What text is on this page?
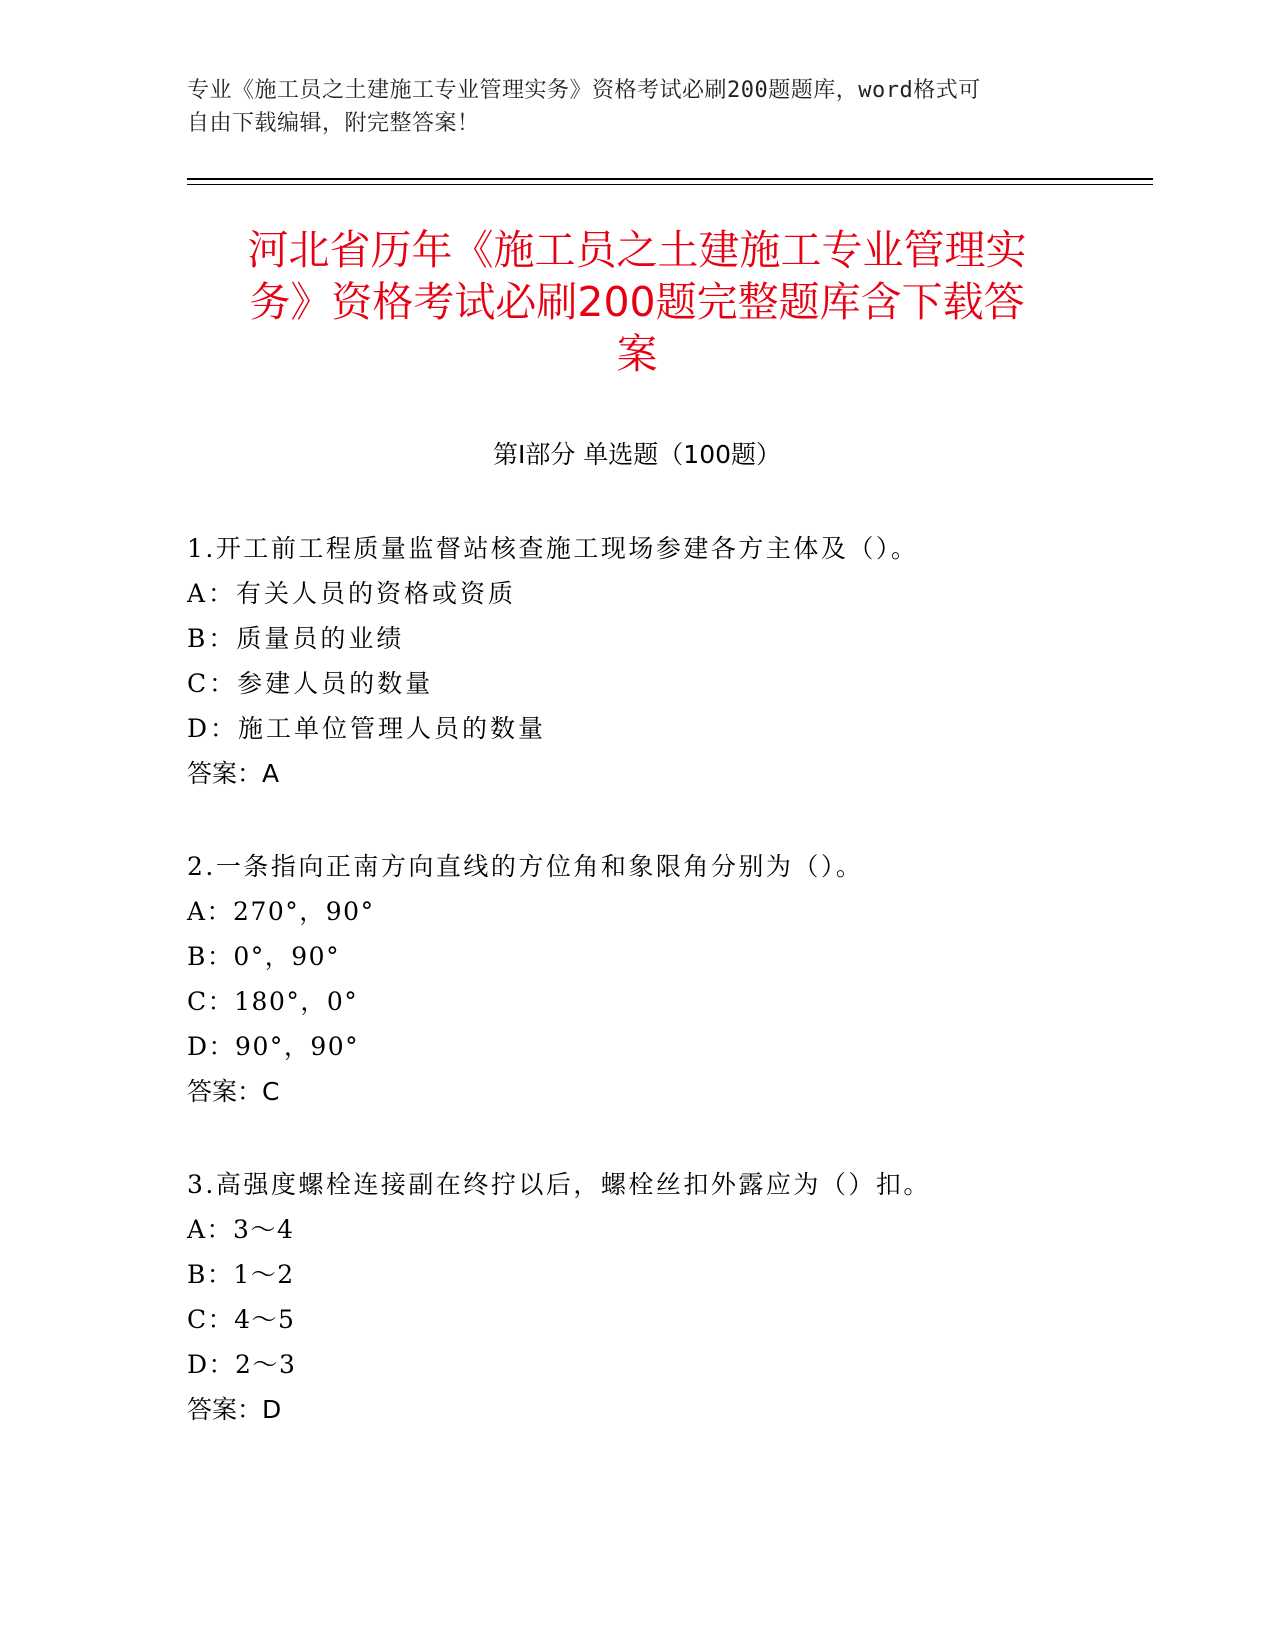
专业《施工员之土建施工专业管理实务》资格考试必刷200题题库，word格式可
自由下载编辑，附完整答案！
河北省历年《施工员之土建施工专业管理实
务》资格考试必刷200题完整题库含下载答
案
第Ⅰ部分 单选题（100题）
1.开工前工程质量监督站核查施工现场参建各方主体及（）。
A：有关人员的资格或资质
B：质量员的业绩
C：参建人员的数量
D：施工单位管理人员的数量
答案：A
2.一条指向正南方向直线的方位角和象限角分别为（）。
A：270°，90°
B：0°，90°
C：180°，0°
D：90°，90°
答案：C
3.高强度螺栓连接副在终拧以后，螺栓丝扣外露应为（）扣。
A：3～4
B：1～2
C：4～5
D：2～3
答案：D
